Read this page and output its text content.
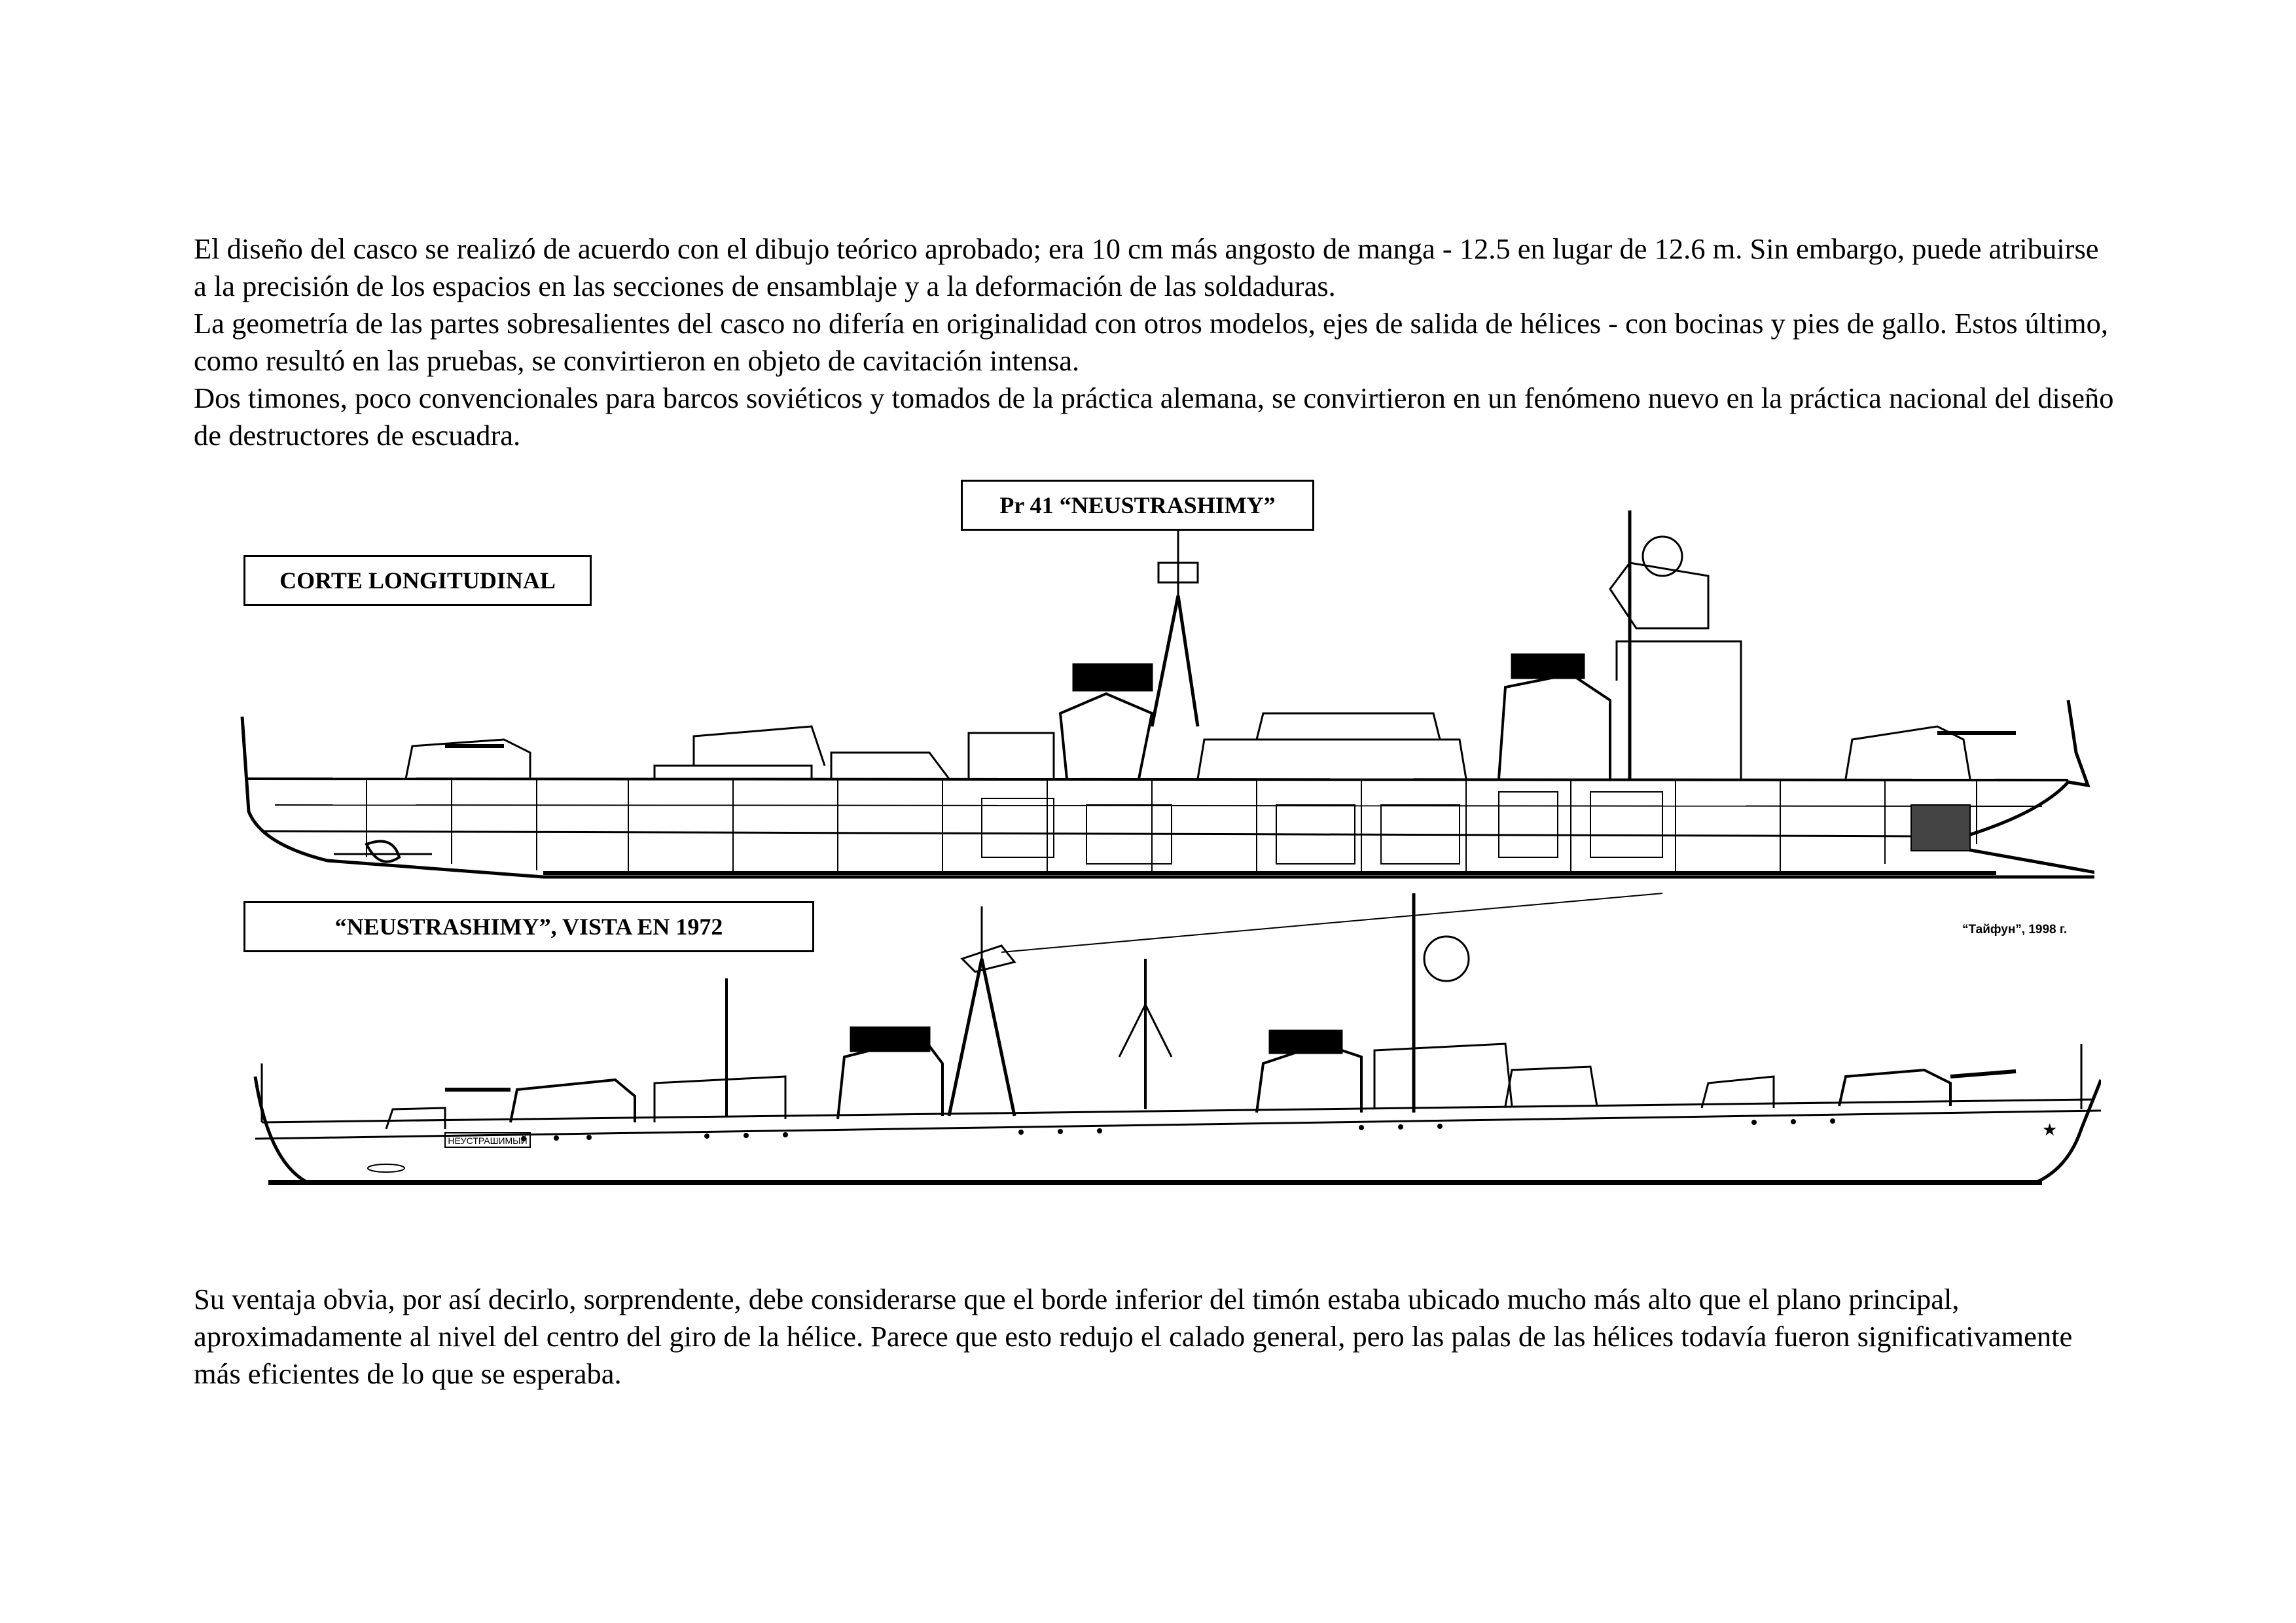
El diseño del casco se realizó de acuerdo con el dibujo teórico aprobado; era 10 cm más angosto de manga - 12.5 en lugar de 12.6 m. Sin embargo, puede atribuirse a la precisión de los espacios en las secciones de ensamblaje y a la deformación de las soldaduras.

La geometría de las partes sobresalientes del casco no difería en originalidad con otros modelos, ejes de salida de hélices - con bocinas y pies de gallo. Estos último, como resultó en las pruebas, se convirtieron en objeto de cavitación intensa.

Dos timones, poco convencionales para barcos soviéticos y tomados de la práctica alemana, se convirtieron en un fenómeno nuevo en la práctica nacional del diseño de destructores de escuadra.

НЕУСТРАШИМЫЙ
★
Pr 41 “NEUSTRASHIMY”
CORTE LONGITUDINAL
“NEUSTRASHIMY”, VISTA EN 1972	“Тайфун”, 1998 г.

Su ventaja obvia, por así decirlo, sorprendente, debe considerarse que el borde inferior del timón estaba ubicado mucho más alto que el plano principal, aproximadamente al nivel del centro del giro de la hélice. Parece que esto redujo el calado general, pero las palas de las hélices todavía fueron significativamente más eficientes de lo que se esperaba.
